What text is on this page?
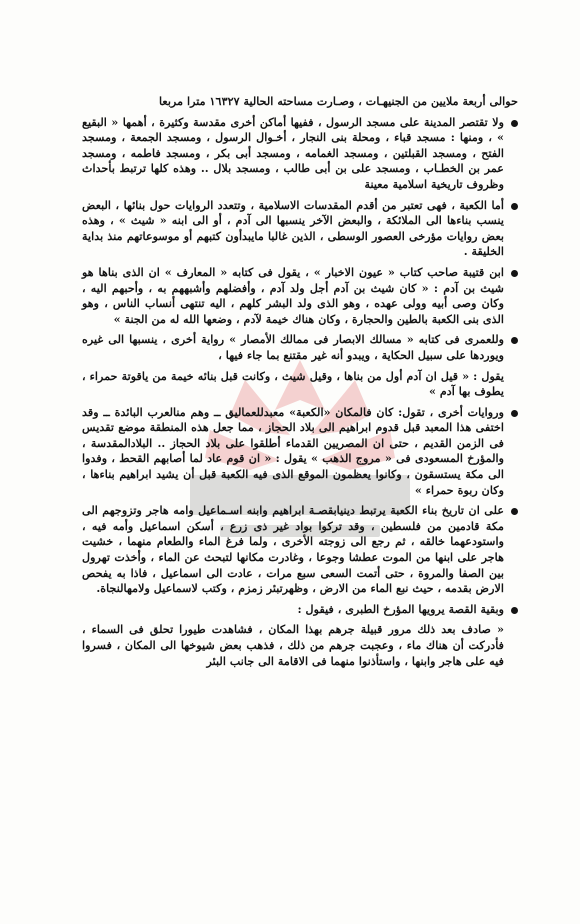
حوالى أربعة ملايين من الجنيهـات ، وصـارت مساحته الحالية ١٦٣٢٧ مترا مربعا
ولا تقتصر المدينة على مسجد الرسول ، ففيها أماكن أخرى مقدسة وكثيرة ، أهمها « البقيع » ، ومنها : مسجد قباء ، ومحلة بنى النجار ، أخـوال الرسول ، ومسجد الجمعة ، ومسجد الفتح ، ومسجد القبلتين ، ومسجد الغمامه ، ومسجد أبى بكر ، ومسجد فاطمه ، ومسجد عمر بن الخطـاب ، ومسجد على بن أبى طالب ، ومسجد بلال .. وهذه كلها ترتبط بأحداث وظروف تاريخية اسلامية معينة
أما الكعبة ، فهى تعتبر من أقدم المقدسات الاسلامية ، وتتعدد الروايات حول بنائها ، البعض ينسب بناءها الى الملائكة ، والبعض الآخر ينسبها الى آدم ، أو الى ابنه « شيث » ، وهذه بعض روايات مؤرخى العصور الوسطى ، الذين غالبا مايبدأون كتبهم أو موسوعاتهم منذ بداية الخليقة .
ابن قتيبة صاحب كتاب « عيون الاخبار » ، يقول فى كتابه « المعارف » ان الذى بناها هو شيث بن آدم : « كان شيث بن آدم أجل ولد آدم ، وأفضلهم وأشبههم به ، وأحبهم اليه ، وكان وصى أبيه وولى عهده ، وهو الذى ولد البشر كلهم ، اليه تنتهى أنساب الناس ، وهو الذى بنى الكعبة بالطين والحجارة ، وكان هناك خيمة لآدم ، وضعها الله له من الجنة »
وللعمرى فى كتابه « مسالك الابصار فى ممالك الأمصار » رواية أخرى ، ينسبها الى غيره ويوردها على سبيل الحكاية ، ويبدو أنه غير مقتنع بما جاء فيها ،
يقول : « قيل ان آدم أول من بناها ، وقيل شيث ، وكانت قبل بنائه خيمة من ياقوتة حمراء ، يطوف بها آدم »
وروايات أخرى ، تقول: كان فالمكان «الكعبة» معبدللعماليق ــ وهم منالعرب البائدة ــ وقد اختفى هذا المعبد قبل قدوم ابراهيم الى بلاد الحجاز ، مما جعل هذه المنطقة موضع تقديس فى الزمن القديم ، حتى ان المصريين القدماء أطلقوا على بلاد الحجاز .. البلادالمقدسة ، والمؤرخ المسعودى فى « مروج الذهب » يقول : « ان قوم عاد لما أصابهم القحط ، وفدوا الى مكة يستسقون ، وكانوا يعظمون الموقع الذى فيه الكعبة قبل أن يشيد ابراهيم بناءها ، وكان ربوة حمراء »
على ان تاريخ بناء الكعبة يرتبط دينيابقصـة ابراهيم وابنه اسـماعيل وامه هاجر وتزوجهم الى مكة قادمين من فلسطين ، وقد تركوا بواد غير ذى زرع ، أسكن اسماعيل وأمه فيه ، واستودعهما خالقه ، ثم رجع الى زوجته الأخرى ، ولما فرغ الماء والطعام منهما ، خشيت هاجر على ابنها من الموت عطشا وجوعا ، وغادرت مكانها لتبحث عن الماء ، وأخذت تهرول بين الصفا والمروة ، حتى أتمت السعى سبع مرات ، عادت الى اسماعيل ، فاذا به يفحص الارض بقدمه ، حيث نبع الماء من الارض ، وظهرتبئر زمزم ، وكتب لاسماعيل ولامهالنجاة.
وبقية القصة يرويها المؤرخ الطبرى ، فيقول :
« صادف بعد ذلك مرور قبيلة جرهم بهذا المكان ، فشاهدت طيورا تحلق فى السماء ، فأدركت أن هناك ماء ، وعجبت جرهم من ذلك ، فذهب بعض شيوخها الى المكان ، فسروا فيه على هاجر وابنها ، واستأذنوا منهما فى الاقامة الى جانب البئر
